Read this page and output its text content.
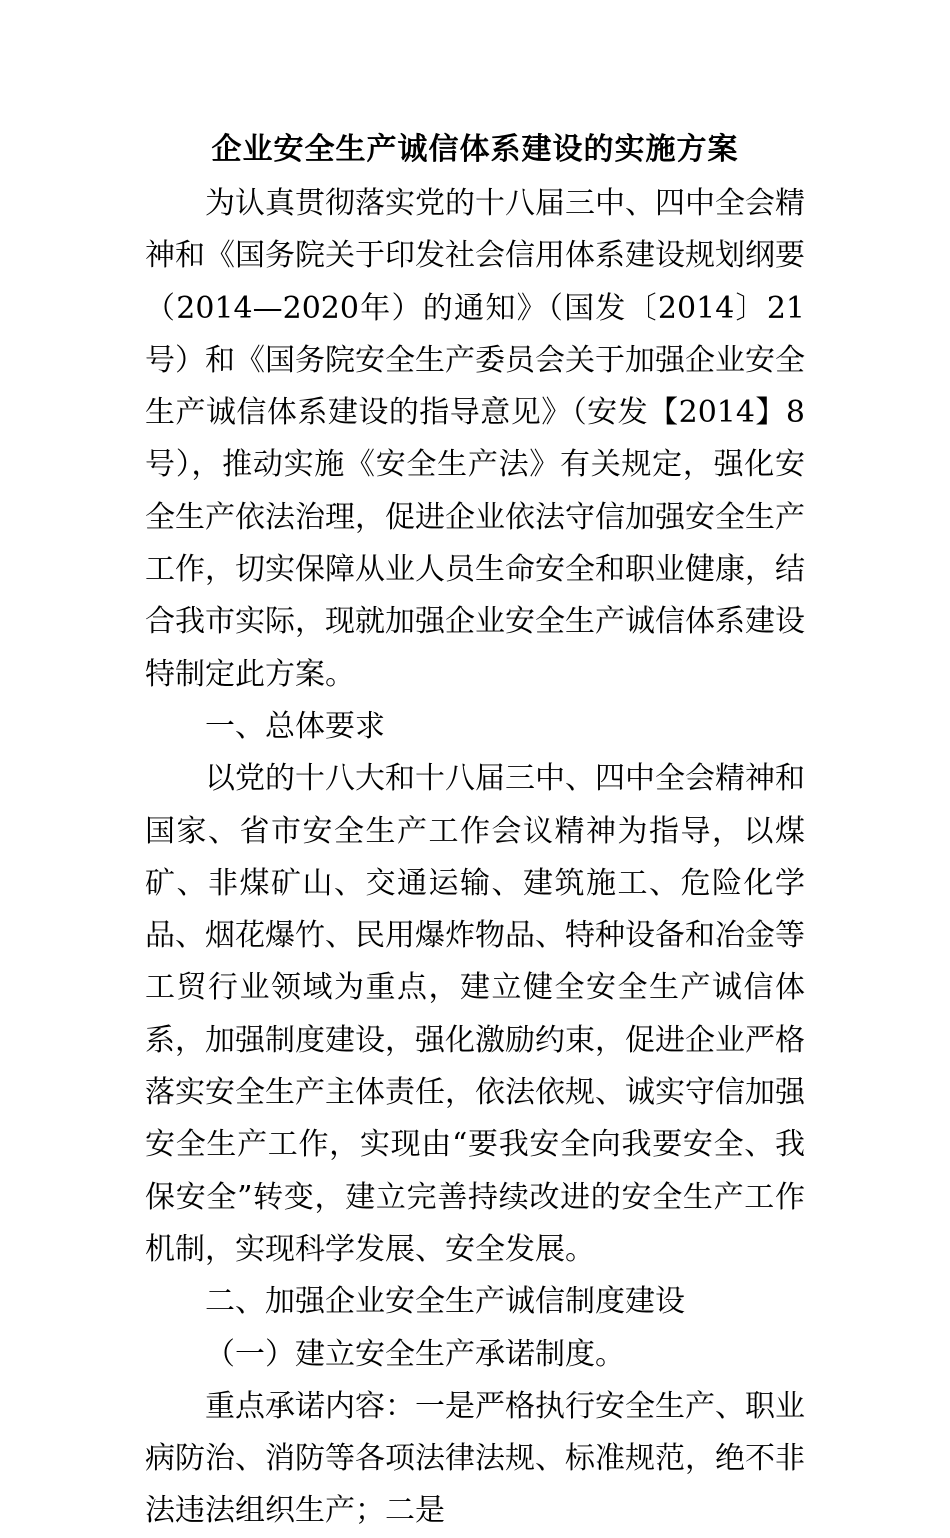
企业安全生产诚信体系建设的实施方案

为认真贯彻落实党的十八届三中、四中全会精神和《国务院关于印发社会信用体系建设规划纲要（2014—2020年）的通知》（国发〔2014〕21号）和《国务院安全生产委员会关于加强企业安全生产诚信体系建设的指导意见》（安发【2014】8号），推动实施《安全生产法》有关规定，强化安全生产依法治理，促进企业依法守信加强安全生产工作，切实保障从业人员生命安全和职业健康，结合我市实际，现就加强企业安全生产诚信体系建设特制定此方案。

一、总体要求

以党的十八大和十八届三中、四中全会精神和国家、省市安全生产工作会议精神为指导，以煤矿、非煤矿山、交通运输、建筑施工、危险化学品、烟花爆竹、民用爆炸物品、特种设备和冶金等工贸行业领域为重点，建立健全安全生产诚信体系，加强制度建设，强化激励约束，促进企业严格落实安全生产主体责任，依法依规、诚实守信加强安全生产工作，实现由“要我安全向我要安全、我保安全”转变，建立完善持续改进的安全生产工作机制，实现科学发展、安全发展。

二、加强企业安全生产诚信制度建设

（一）建立安全生产承诺制度。

重点承诺内容：一是严格执行安全生产、职业病防治、消防等各项法律法规、标准规范，绝不非法违法组织生产；二是
